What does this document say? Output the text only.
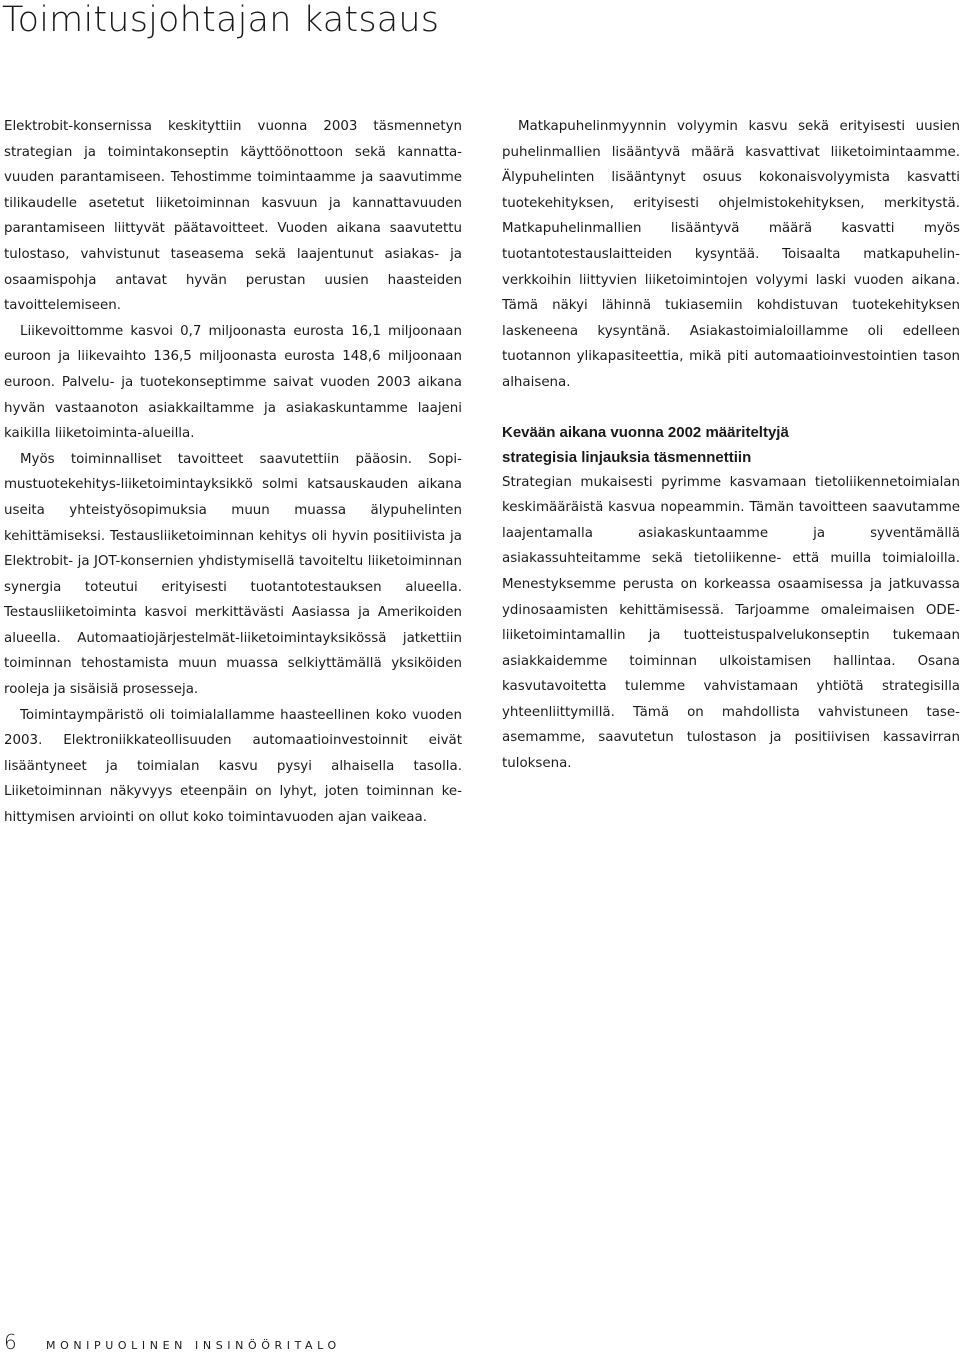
Toimitusjohtajan katsaus

Elektrobit-konsernissa keskityttiin vuonna 2003 täsmennetyn strategian ja toimintakonseptin käyttöönottoon sekä kannattavuuden parantamiseen. Tehostimme toimintaamme ja saavutimme tilikaudelle asetetut liiketoiminnan kasvuun ja kannattavuuden parantamiseen liittyvät päätavoitteet. Vuoden aikana saavutettu tulostaso, vahvistunut taseasema sekä laajentunut asiakas- ja osaamispohja antavat hyvän perustan uusien haasteiden tavoittelemiseen.

Liikevoittomme kasvoi 0,7 miljoonasta eurosta 16,1 miljoonaan euroon ja liikevaihto 136,5 miljoonasta eurosta 148,6 miljoonaan euroon. Palvelu- ja tuotekonseptimme saivat vuoden 2003 aikana hyvän vastaanoton asiakkailtamme ja asiakaskuntamme laajeni kaikilla liiketoiminta-alueilla.

Myös toiminnalliset tavoitteet saavutettiin pääosin. Sopimustuotekehitys-liiketoimintayksikkö solmi katsauskauden aikana useita yhteistyösopimuksia muun muassa älypuhelinten kehittämiseksi. Testausliiketoiminnan kehitys oli hyvin positiivista ja Elektrobit- ja JOT-konsernien yhdistymisellä tavoiteltu liiketoiminnan synergia toteutui erityisesti tuotantotestauksen alueella. Testausliiketoiminta kasvoi merkittävästi Aasiassa ja Amerikoiden alueella. Automaatiojärjestelmät-liiketoimintayksikössä jatkettiin toiminnan tehostamista muun muassa selkiyttämällä yksiköiden rooleja ja sisäisiä prosesseja.

Toimintaympäristö oli toimialallamme haasteellinen koko vuoden 2003. Elektroniikkateollisuuden automaatioinvestoinnit eivät lisääntyneet ja toimialan kasvu pysyi alhaisella tasolla. Liiketoiminnan näkyvyys eteenpäin on lyhyt, joten toiminnan kehittymisen arviointi on ollut koko toimintavuoden ajan vaikeaa.

Matkapuhelinmyynnin volyymin kasvu sekä erityisesti uusien puhelinmallien lisääntyvä määrä kasvattivat liiketoimintaamme. Älypuhelinten lisääntynyt osuus kokonaisvolyymista kasvatti tuotekehityksen, erityisesti ohjelmistokehityksen, merkitystä. Matkapuhelinmallien lisääntyvä määrä kasvatti myös tuotantotestauslaitteiden kysyntää. Toisaalta matkapuhelinverkkoihin liittyvien liiketoimintojen volyymi laski vuoden aikana. Tämä näkyi lähinnä tukiasemiin kohdistuvan tuotekehityksen laskeneena kysyntänä. Asiakastoimialoillamme oli edelleen tuotannon ylikapasiteettia, mikä piti automaatioinvestointien tason alhaisena.

Kevään aikana vuonna 2002 määriteltyjä
strategisia linjauksia täsmennettiin

Strategian mukaisesti pyrimme kasvamaan tietoliikennetoimialan keskimääräistä kasvua nopeammin. Tämän tavoitteen saavutamme laajentamalla asiakaskuntaamme ja syventämällä asiakassuhteitamme sekä tietoliikenne- että muilla toimialoilla. Menestyksemme perusta on korkeassa osaamisessa ja jatkuvassa ydinosaamisten kehittämisessä. Tarjoamme omaleimaisen ODE-liiketoimintamallin ja tuotteistuspalvelukonseptin tukemaan asiakkaidemme toiminnan ulkoistamisen hallintaa. Osana kasvutavoitetta tulemme vahvistamaan yhtiötä strategisilla yhteenliittymillä. Tämä on mahdollista vahvistuneen taseasemamme, saavutetun tulostason ja positiivisen kassavirran tuloksena.

6	MONIPUOLINEN INSINÖÖRITALO
